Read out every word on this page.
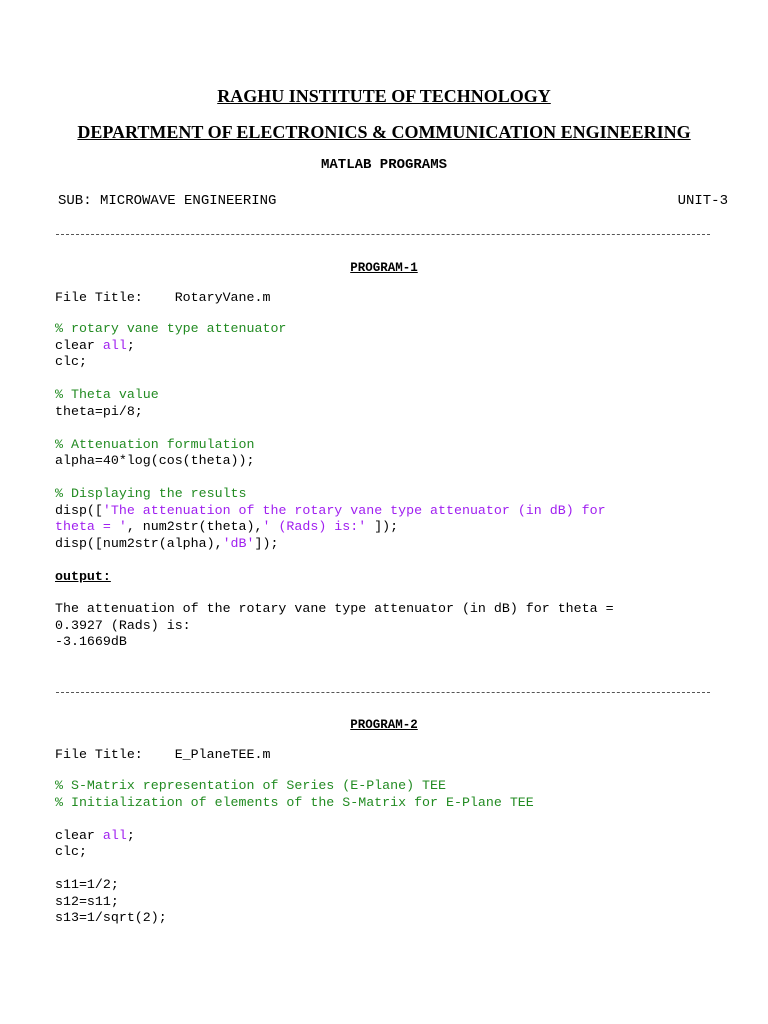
RAGHU INSTITUTE OF TECHNOLOGY
DEPARTMENT OF ELECTRONICS & COMMUNICATION ENGINEERING
MATLAB PROGRAMS
SUB: MICROWAVE ENGINEERING	UNIT-3
PROGRAM-1
File Title: RotaryVane.m
% rotary vane type attenuator
clear all;
clc;

% Theta value
theta=pi/8;

% Attenuation formulation
alpha=40*log(cos(theta));

% Displaying the results
disp(['The attenuation of the rotary vane type attenuator (in dB) for
theta = ', num2str(theta),' (Rads) is:' ]);
disp([num2str(alpha),'dB']);
output:
The attenuation of the rotary vane type attenuator (in dB) for theta =
0.3927 (Rads) is:
-3.1669dB
PROGRAM-2
File Title: E_PlaneTEE.m
% S-Matrix representation of Series (E-Plane) TEE
% Initialization of elements of the S-Matrix for E-Plane TEE

clear all;
clc;

s11=1/2;
s12=s11;
s13=1/sqrt(2);
